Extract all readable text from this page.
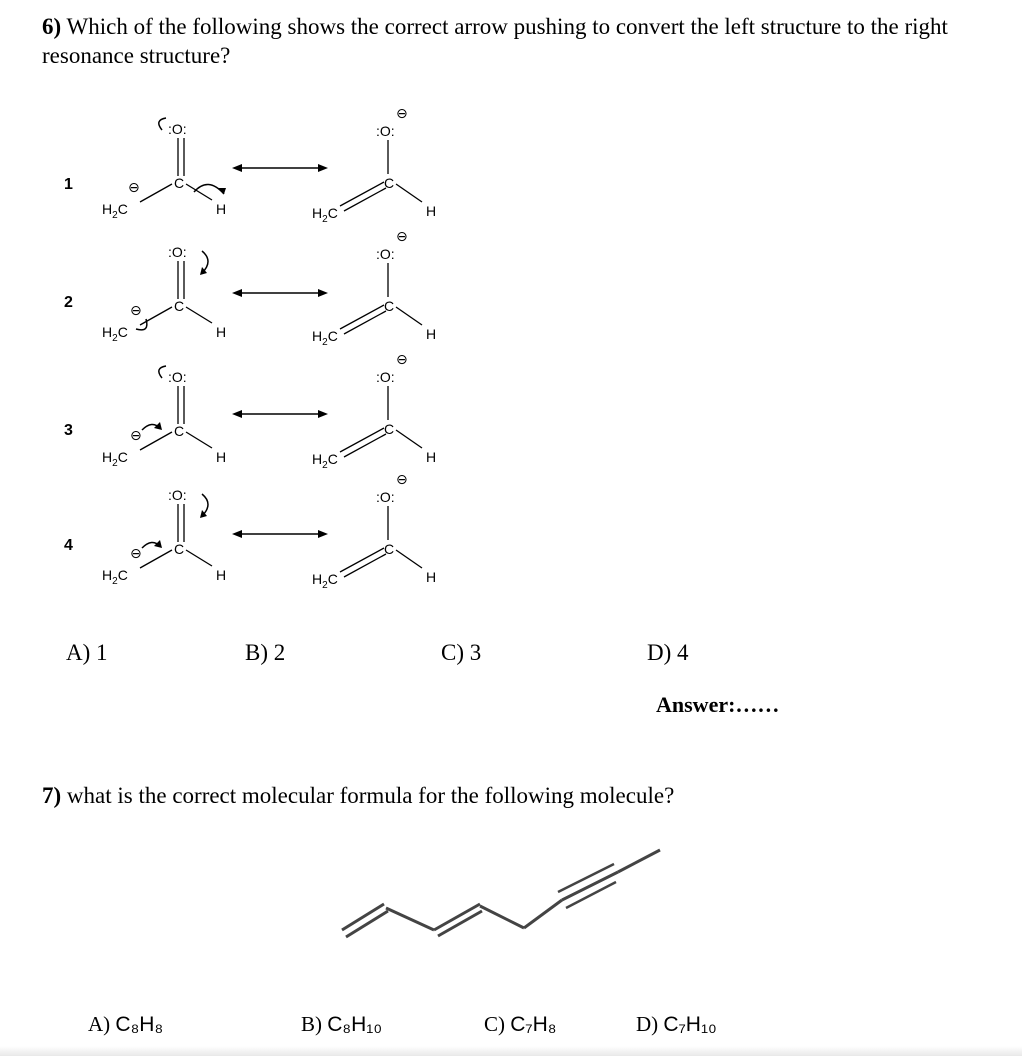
6) Which of the following shows the correct arrow pushing to convert the left structure to the right resonance structure?
1
2
3
4
$H_2C$
⊖ C
:O:
H	$H_2C$
C
:O:
⊖
H
$H_2C$
⊖ C
:O:
H	$H_2C$
C
:O:
⊖
H
$H_2C$
⊖ C
:O:
H	$H_2C$
C
:O:
⊖
H
$H_2C$
⊖ C
:O:
H	$H_2C$
C
:O:
⊖
H
A) 1	B) 2	C) 3	D) 4
Answer:……
7) what is the correct molecular formula for the following molecule?
A) C₈H₈	B) C₈H₁₀	C) C₇H₈	D) C₇H₁₀
